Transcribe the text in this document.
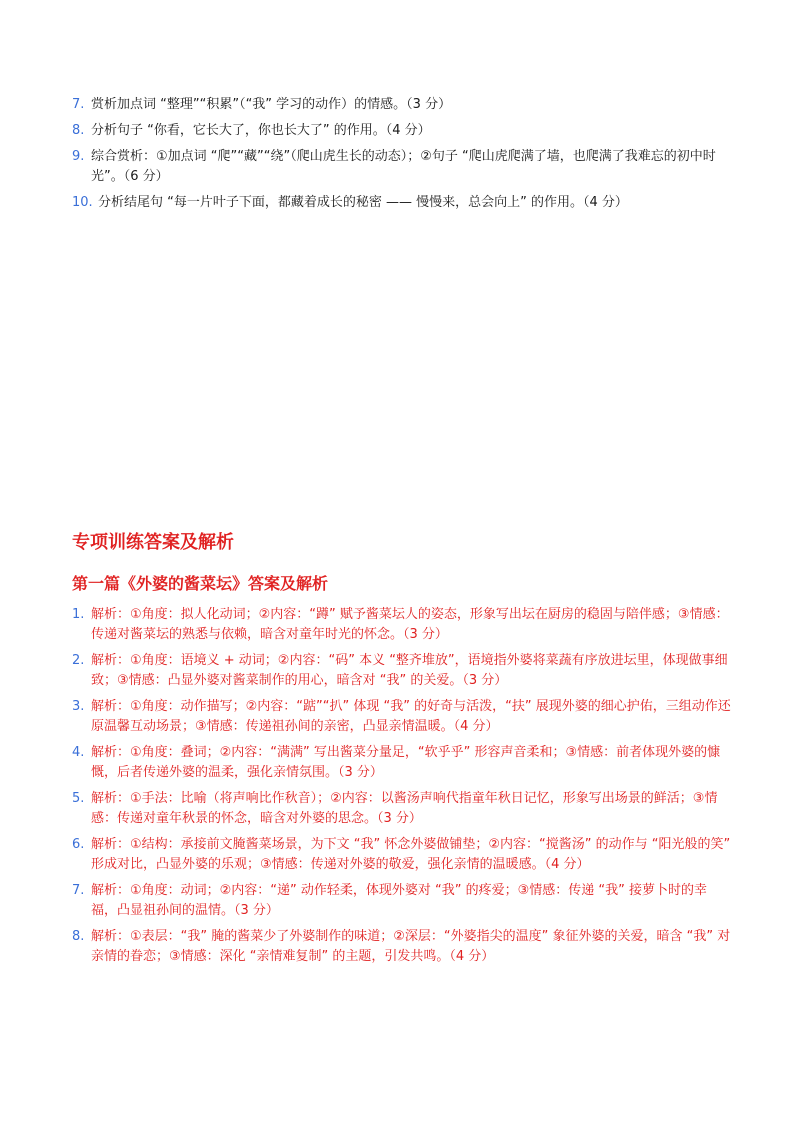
7. 赏析加点词 “整理”“积累”（“我” 学习的动作）的情感。（3 分）
8. 分析句子 “你看，它长大了，你也长大了” 的作用。（4 分）
9. 综合赏析：①加点词 “爬”“藏”“绕”（爬山虎生长的动态）；②句子 “爬山虎爬满了墙，也爬满了我难忘的初中时光”。（6 分）
10. 分析结尾句 “每一片叶子下面，都藏着成长的秘密 —— 慢慢来，总会向上” 的作用。（4 分）
专项训练答案及解析
第一篇《外婆的酱菜坛》答案及解析
1. 解析：①角度：拟人化动词；②内容：“蹲” 赋予酱菜坛人的姿态，形象写出坛在厨房的稳固与陪伴感；③情感：传递对酱菜坛的熟悉与依赖，暗含对童年时光的怀念。（3 分）
2. 解析：①角度：语境义 + 动词；②内容：“码” 本义 “整齐堆放”，语境指外婆将菜蔬有序放进坛里，体现做事细致；③情感：凸显外婆对酱菜制作的用心，暗含对 “我” 的关爱。（3 分）
3. 解析：①角度：动作描写；②内容：“踮”“扒” 体现 “我” 的好奇与活泼，“扶” 展现外婆的细心护佑，三组动作还原温馨互动场景；③情感：传递祖孙间的亲密，凸显亲情温暖。（4 分）
4. 解析：①角度：叠词；②内容：“满满” 写出酱菜分量足，“软乎乎” 形容声音柔和；③情感：前者体现外婆的慷慨，后者传递外婆的温柔，强化亲情氛围。（3 分）
5. 解析：①手法：比喻（将声响比作秋音）；②内容：以酱汤声响代指童年秋日记忆，形象写出场景的鲜活；③情感：传递对童年秋景的怀念，暗含对外婆的思念。（3 分）
6. 解析：①结构：承接前文腌酱菜场景，为下文 “我” 怀念外婆做铺垫；②内容：“搅酱汤” 的动作与 “阳光般的笑” 形成对比，凸显外婆的乐观；③情感：传递对外婆的敬爱，强化亲情的温暖感。（4 分）
7. 解析：①角度：动词；②内容：“递” 动作轻柔，体现外婆对 “我” 的疼爱；③情感：传递 “我” 接萝卜时的幸福，凸显祖孙间的温情。（3 分）
8. 解析：①表层：“我” 腌的酱菜少了外婆制作的味道；②深层：“外婆指尖的温度” 象征外婆的关爱，暗含 “我” 对亲情的眷恋；③情感：深化 “亲情难复制” 的主题，引发共鸣。（4 分）
